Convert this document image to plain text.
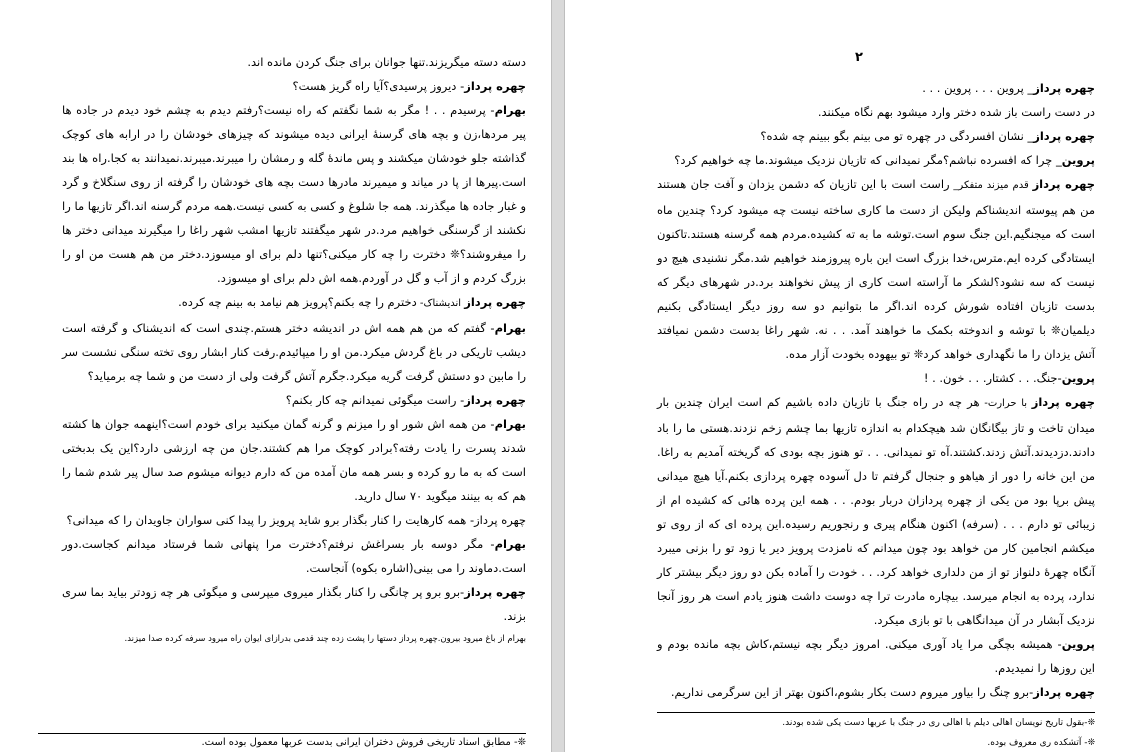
دسته دسته میگریزند.تنها جوانان برای جنگ کردن مانده اند.

چهره پرداز- دیروز پرسیدی؟آیا راه گریز هست؟

بهرام- پرسیدم . . ! مگر به شما نگفتم که راه نیست؟رفتم دیدم به چشم خود دیدم در جاده ها پیر مردها،زن و بچه های گرسنهٔ ایرانی دیده میشوند که چیزهای خودشان را در ارابه های کوچک گذاشته جلو خودشان میکشند و پس ماندهٔ گله و رمشان را میبرند.میبرند.نمیدانند به کجا.راه ها بند است.پیرها از پا در میاند و میمیرند مادرها دست بچه های خودشان را گرفته از روی سنگلاخ و گرد و غبار جاده ها میگذرند. همه جا شلوغ و کسی به کسی نیست.همه مردم گرسنه اند.اگر تازیها ما را نکشند از گرسنگی خواهیم مرد.در شهر میگفتند تازیها امشب شهر راغا را میگیرند میدانی دختر ها را میفروشند؟❊ دخترت را چه کار میکنی؟تنها دلم برای او میسوزد.دختر من هم هست من او را بزرگ کردم و از آب و گل در آوردم.همه اش دلم برای او میسوزد.

چهره پرداز اندیشناک- دخترم را چه بکنم؟پرویز هم نیامد به بینم چه کرده.

بهرام- گفتم که من هم همه اش در اندیشه دختر هستم.چندی است که اندیشناک و گرفته است دیشب تاریکی در باغ گردش میکرد.من او را میپائیدم.رفت کنار ابشار روی تخته سنگی نشست سر را مابین دو دستش گرفت گریه میکرد.جگرم آتش گرفت ولی از دست من و شما چه برمیاید؟

چهره پرداز- راست میگوئی نمیدانم چه کار بکنم؟

بهرام- من همه اش شور او را میزنم و گرنه گمان میکنید برای خودم است؟اینهمه جوان ها کشته شدند پسرت را یادت رفته؟برادر کوچک مرا هم کشتند.جان من چه ارزشی دارد؟این یک بدبختی است که به ما رو کرده و بسر همه مان آمده من که دارم دیوانه میشوم صد سال پیر شدم شما را هم که به بینند میگوید ۷۰ سال دارید.

چهره پرداز- همه کارهایت را کنار بگذار برو شاید پرویز را پیدا کنی سواران جاویدان را که میدانی؟

بهرام- مگر دوسه بار بسراغش نرفتم؟دخترت مرا پنهانی شما فرستاد میدانم کجاست.دور است.دماوند را می بینی(اشاره بکوه) آنجاست.

چهره پرداز-برو برو پر چانگی را کنار بگذار میروی میپرسی و میگوئی هر چه زودتر بیاید بما سری بزند.

بهرام از باغ میرود بیرون.چهره پرداز دستها را پشت زده چند قدمی بدرازای ایوان راه میرود سرفه کرده صدا میزند.

❊- مطابق اسناد تاریخی فروش دختران ایرانی بدست عربها معمول بوده است.
۲

چهره پرداز_ پروین . . . پروین . . .

در دست راست باز شده دختر وارد میشود بهم نگاه میکنند.

چهره پرداز_ نشان افسردگی در چهره تو می بینم بگو ببینم چه شده؟

پروین_ چرا که افسرده نباشم؟مگر نمیدانی که تازیان نزدیک میشوند.ما چه خواهیم کرد؟

چهره پرداز قدم میزند متفکر_ راست است با این تازیان که دشمن یزدان و آفت جان هستند من هم پیوسته اندیشناکم ولیکن از دست ما کاری ساخته نیست چه میشود کرد؟ چندین ماه است که میجنگیم.این جنگ سوم است.توشه ما به ته کشیده.مردم همه گرسنه هستند.تاکنون ایستادگی کرده ایم.مترس،خدا بزرگ است این باره پیروزمند خواهیم شد.مگر نشنیدی هیچ دو نیست که سه نشود؟لشکر ما آراسته است کاری از پیش نخواهند برد.در شهرهای دیگر که بدست تازیان افتاده شورش کرده اند.اگر ما بتوانیم دو سه روز دیگر ایستادگی بکنیم دیلمیان❊ با توشه و اندوخته بکمک ما خواهند آمد. . . نه. شهر راغا بدست دشمن نمیافتد آتش یزدان را ما نگهداری خواهد کرد❊ تو بیهوده بخودت آزار مده.

پروین-جنگ. . . کشتار. . . خون. . !

چهره پرداز با حرارت- هر چه در راه جنگ با تازیان داده باشیم کم است ایران چندین بار میدان تاخت و تاز بیگانگان شد هیچکدام به اندازه تازیها بما چشم زخم نزدند.هستی ما را باد دادند.دزدیدند.آتش زدند.کشتند.آه تو نمیدانی. . . تو هنوز بچه بودی که گریخته آمدیم به راغا. من این خانه را دور از هیاهو و جنجال گرفتم تا دل آسوده چهره پردازی بکنم.آیا هیچ میدانی پیش برپا بود من یکی از چهره پردازان دربار بودم. . . همه این پرده هائی که کشیده ام از زیبائی تو دارم . . . (سرفه) اکنون هنگام پیری و رنجوریم رسیده.این پرده ای که از روی تو میکشم انجامین کار من خواهد بود چون میدانم که نامزدت پرویز دیر یا زود تو را بزنی میبرد آنگاه چهرهٔ دلنواز تو از من دلداری خواهد کرد. . . خودت را آماده بکن دو روز دیگر بیشتر کار ندارد، پرده به انجام میرسد. بیچاره مادرت ترا چه دوست داشت هنوز یادم است هر روز آنجا نزدیک آبشار در آن میدانگاهی با تو بازی میکرد.

پروین- همیشه بچگی مرا یاد آوری میکنی. امروز دیگر بچه نیستم،کاش بچه مانده بودم و این روزها را نمیدیدم.

چهره پرداز-برو چنگ را بیاور میروم دست بکار بشوم،اکنون بهتر از این سرگرمی نداریم.

❊-بقول تاریخ نویسان اهالی دیلم با اهالی ری در جنگ با عربها دست یکی شده بودند.
❊- آتشکده ری معروف بوده.
